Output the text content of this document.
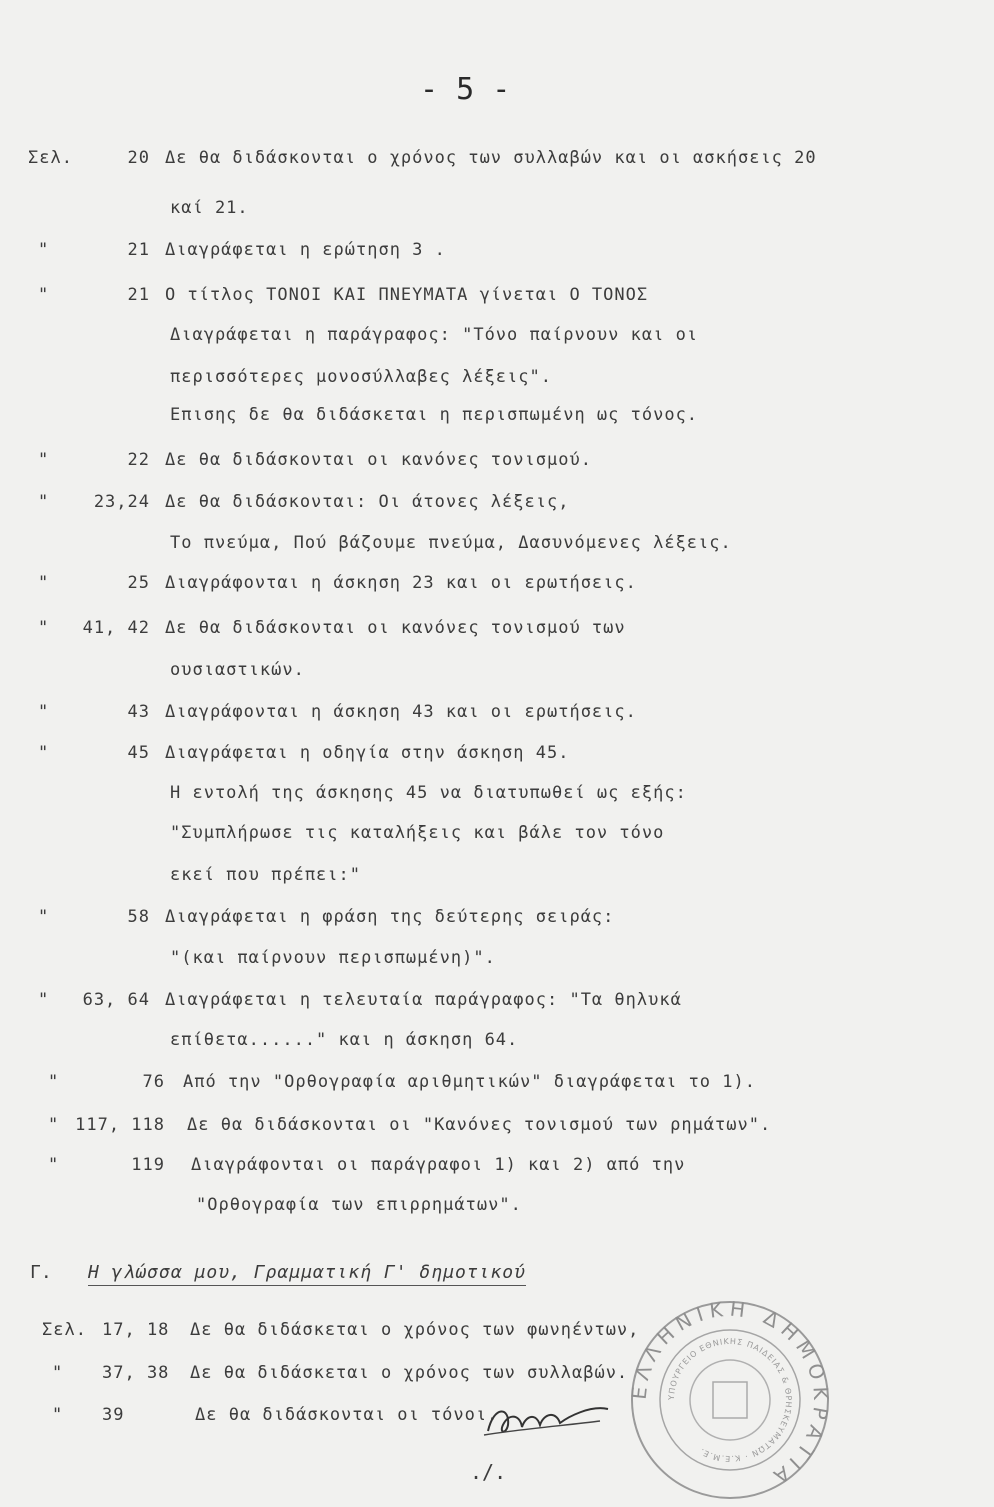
- 5 -
Σελ.	20 Δε θα διδάσκονται ο χρόνος των συλλαβών και οι ασκήσεις 20
καί 21.
"	21 Διαγράφεται η ερώτηση 3 .
"	21 Ο τίτλος ΤΟΝΟΙ ΚΑΙ ΠΝΕΥΜΑΤΑ γίνεται Ο ΤΟΝΟΣ
Διαγράφεται η παράγραφος: "Τόνο παίρνουν και οι
περισσότερες μονοσύλλαβες λέξεις".
Επισης δε θα διδάσκεται η περισπωμένη ως τόνος.
"	22 Δε θα διδάσκονται οι κανόνες τονισμού.
"	23,24 Δε θα διδάσκονται: Οι άτονες λέξεις,
Το πνεύμα, Πού βάζουμε πνεύμα, Δασυνόμενες λέξεις.
"	25 Διαγράφονται η άσκηση 23 και οι ερωτήσεις.
"	41, 42 Δε θα διδάσκονται οι κανόνες τονισμού των
ουσιαστικών.
"	43 Διαγράφονται η άσκηση 43 και οι ερωτήσεις.
"	45 Διαγράφεται η οδηγία στην άσκηση 45.
Η εντολή της άσκησης 45 να διατυπωθεί ως εξής:
"Συμπλήρωσε τις καταλήξεις και βάλε τον τόνο
εκεί που πρέπει:"
"	58 Διαγράφεται η φράση της δεύτερης σειράς:
"(και παίρνουν περισπωμένη)".
"	63, 64 Διαγράφεται η τελευταία παράγραφος: "Τα θηλυκά
επίθετα......" και η άσκηση 64.
"	76 Από την "Ορθογραφία αριθμητικών" διαγράφεται το 1).
" 117, 118 Δε θα διδάσκονται οι "Κανόνες τονισμού των ρημάτων".
"	119 Διαγράφονται οι παράγραφοι 1) και 2) από την
"Ορθογραφία των επιρρημάτων".
Γ. Η γλώσσα μου, Γραμματική Γ' δημοτικού
Σελ. 17, 18 Δε θα διδάσκεται ο χρόνος των φωνηέντων,
" 37, 38 Δε θα διδάσκεται ο χρόνος των συλλαβών.
" 39	Δε θα διδάσκονται οι τόνοι.
ΕΛΛΗΝΙΚΗ ΔΗΜΟΚΡΑΤΙΑ
ΥΠΟΥΡΓΕΙΟ ΕΘΝΙΚΗΣ ΠΑΙΔΕΙΑΣ & ΘΡΗΣΚΕΥΜΑΤΩΝ · Κ.Ε.Μ.Ε.
./.
